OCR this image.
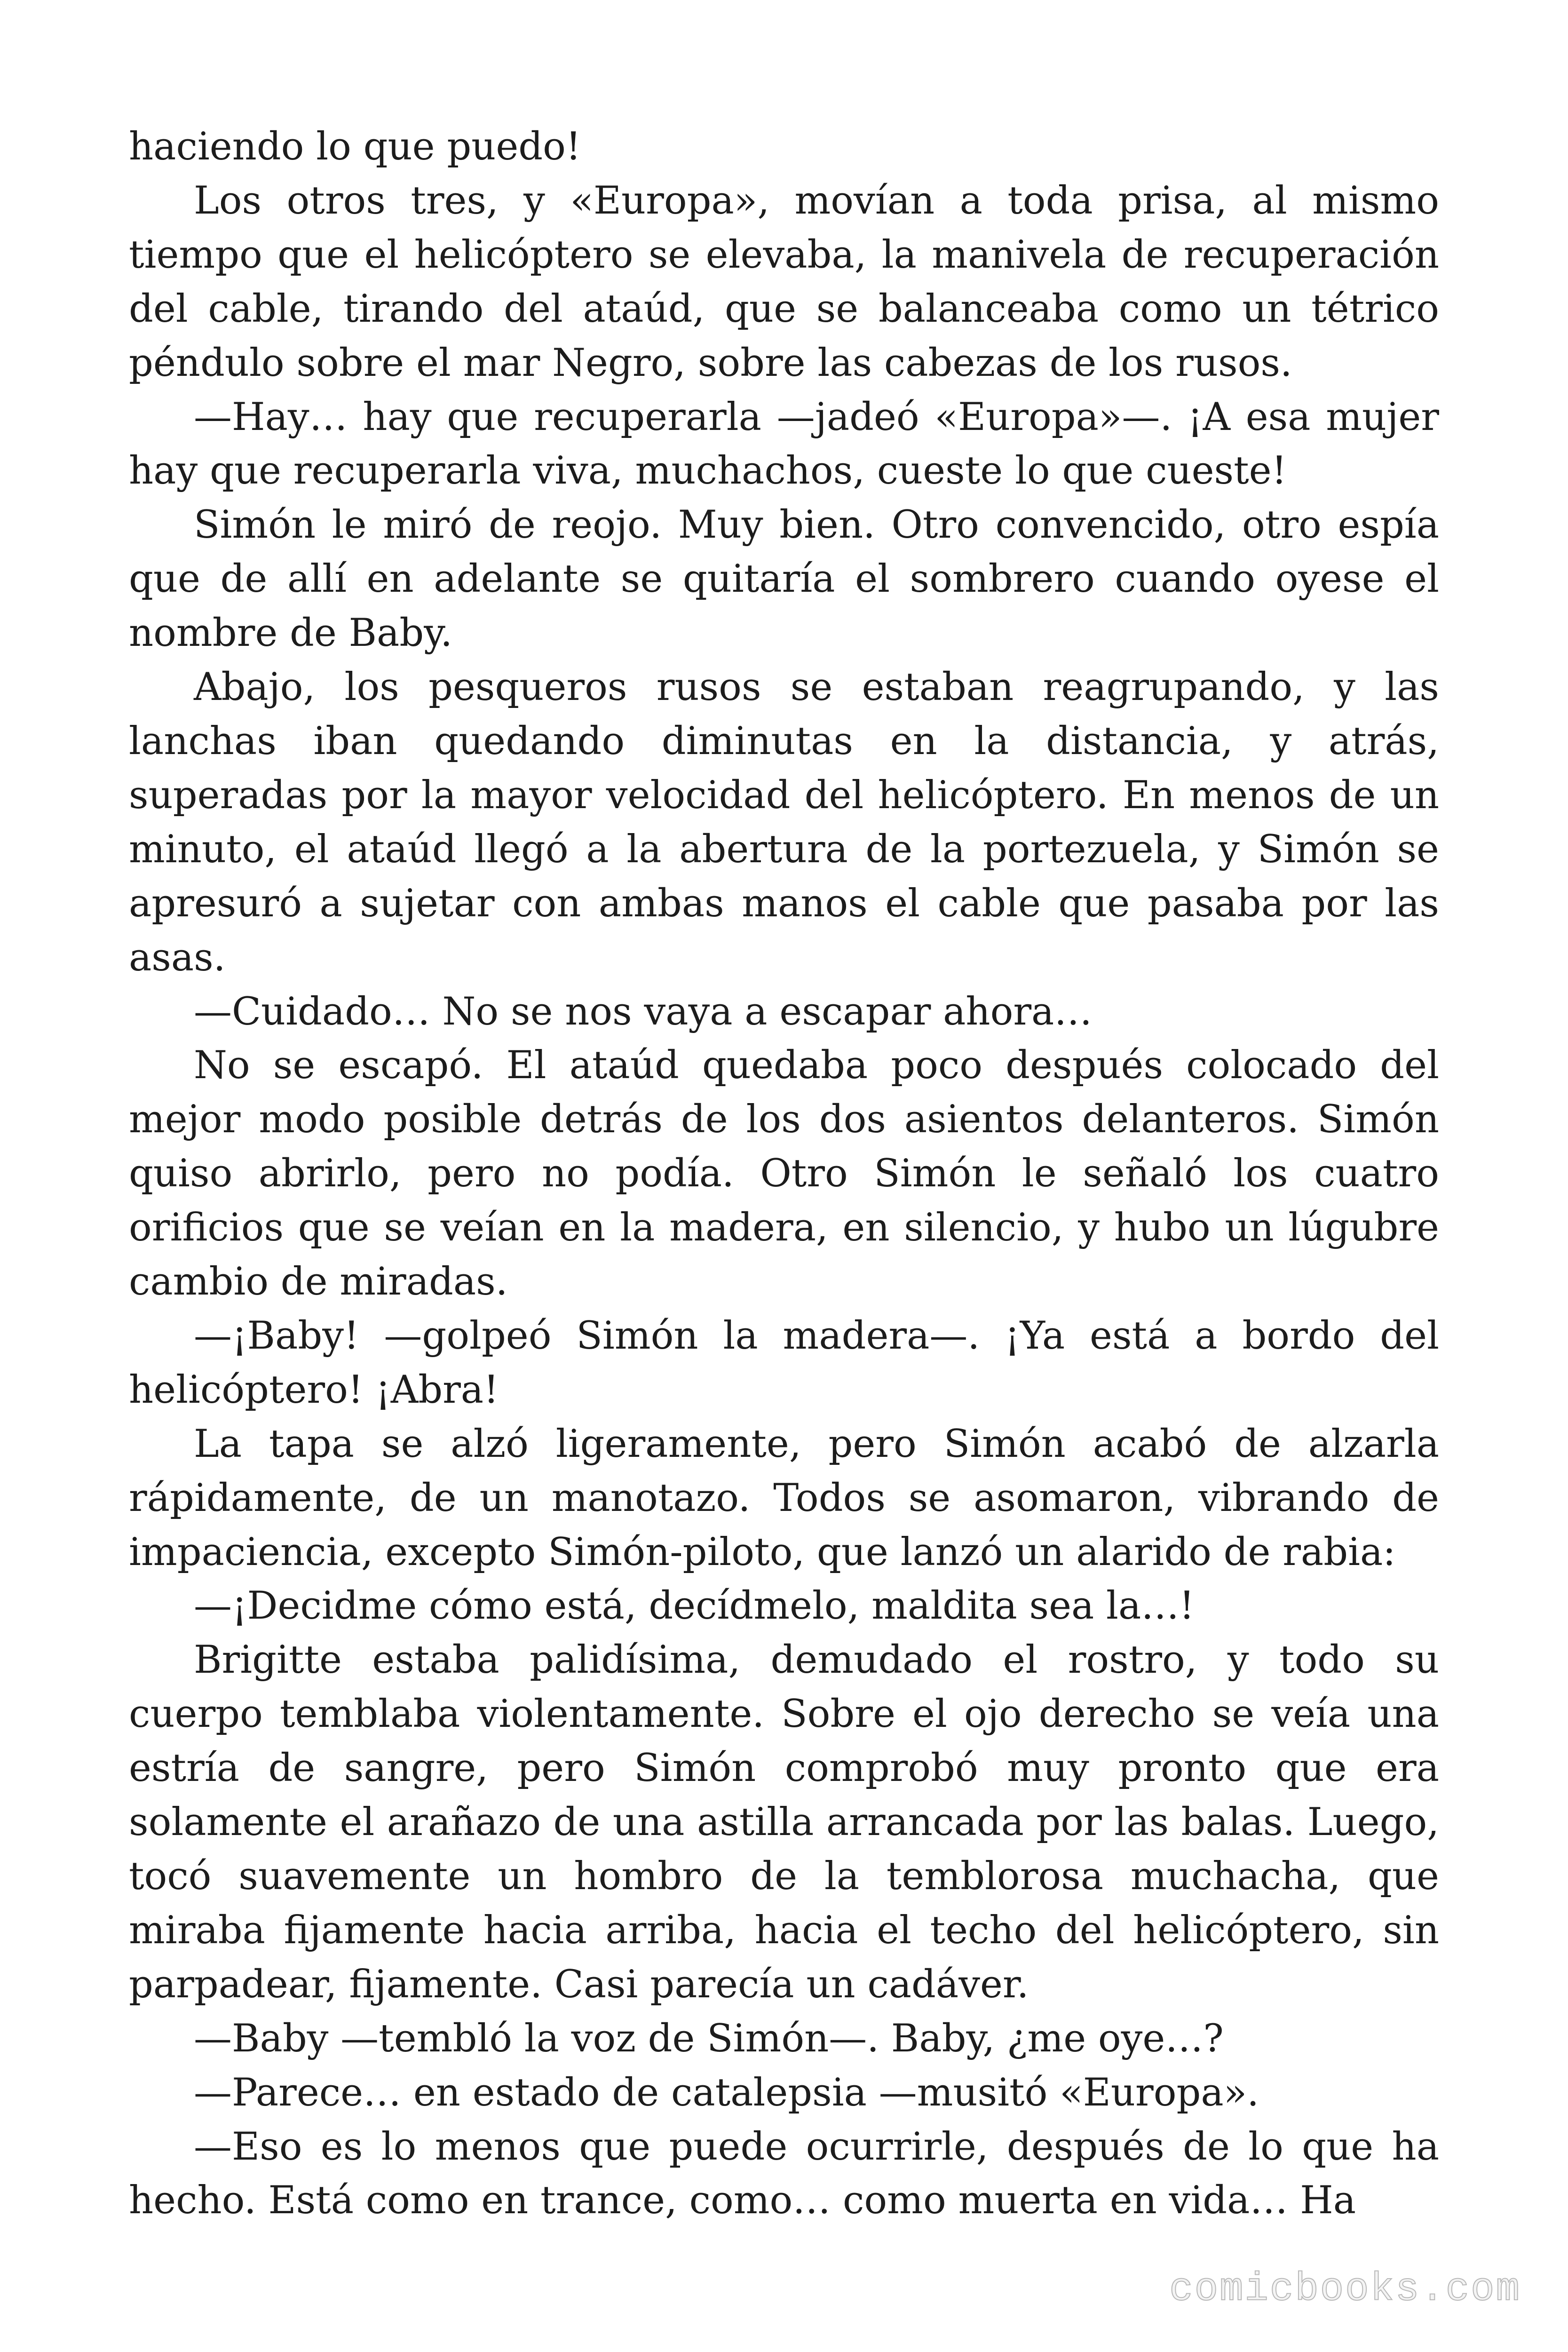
haciendo lo que puedo!

Los otros tres, y «Europa», movían a toda prisa, al mismo tiempo que el helicóptero se elevaba, la manivela de recuperación del cable, tirando del ataúd, que se balanceaba como un tétrico péndulo sobre el mar Negro, sobre las cabezas de los rusos.

—Hay… hay que recuperarla —jadeó «Europa»—. ¡A esa mujer hay que recuperarla viva, muchachos, cueste lo que cueste!

Simón le miró de reojo. Muy bien. Otro convencido, otro espía que de allí en adelante se quitaría el sombrero cuando oyese el nombre de Baby.

Abajo, los pesqueros rusos se estaban reagrupando, y las lanchas iban quedando diminutas en la distancia, y atrás, superadas por la mayor velocidad del helicóptero. En menos de un minuto, el ataúd llegó a la abertura de la portezuela, y Simón se apresuró a sujetar con ambas manos el cable que pasaba por las asas.

—Cuidado… No se nos vaya a escapar ahora…

No se escapó. El ataúd quedaba poco después colocado del mejor modo posible detrás de los dos asientos delanteros. Simón quiso abrirlo, pero no podía. Otro Simón le señaló los cuatro orificios que se veían en la madera, en silencio, y hubo un lúgubre cambio de miradas.

—¡Baby! —golpeó Simón la madera—. ¡Ya está a bordo del helicóptero! ¡Abra!

La tapa se alzó ligeramente, pero Simón acabó de alzarla rápidamente, de un manotazo. Todos se asomaron, vibrando de impaciencia, excepto Simón-piloto, que lanzó un alarido de rabia:

—¡Decidme cómo está, decídmelo, maldita sea la…!

Brigitte estaba palidísima, demudado el rostro, y todo su cuerpo temblaba violentamente. Sobre el ojo derecho se veía una estría de sangre, pero Simón comprobó muy pronto que era solamente el arañazo de una astilla arrancada por las balas. Luego, tocó suavemente un hombro de la temblorosa muchacha, que miraba fijamente hacia arriba, hacia el techo del helicóptero, sin parpadear, fijamente. Casi parecía un cadáver.

—Baby —tembló la voz de Simón—. Baby, ¿me oye…?

—Parece… en estado de catalepsia —musitó «Europa».

—Eso es lo menos que puede ocurrirle, después de lo que ha hecho. Está como en trance, como… como muerta en vida… Ha

comicbooks.com
